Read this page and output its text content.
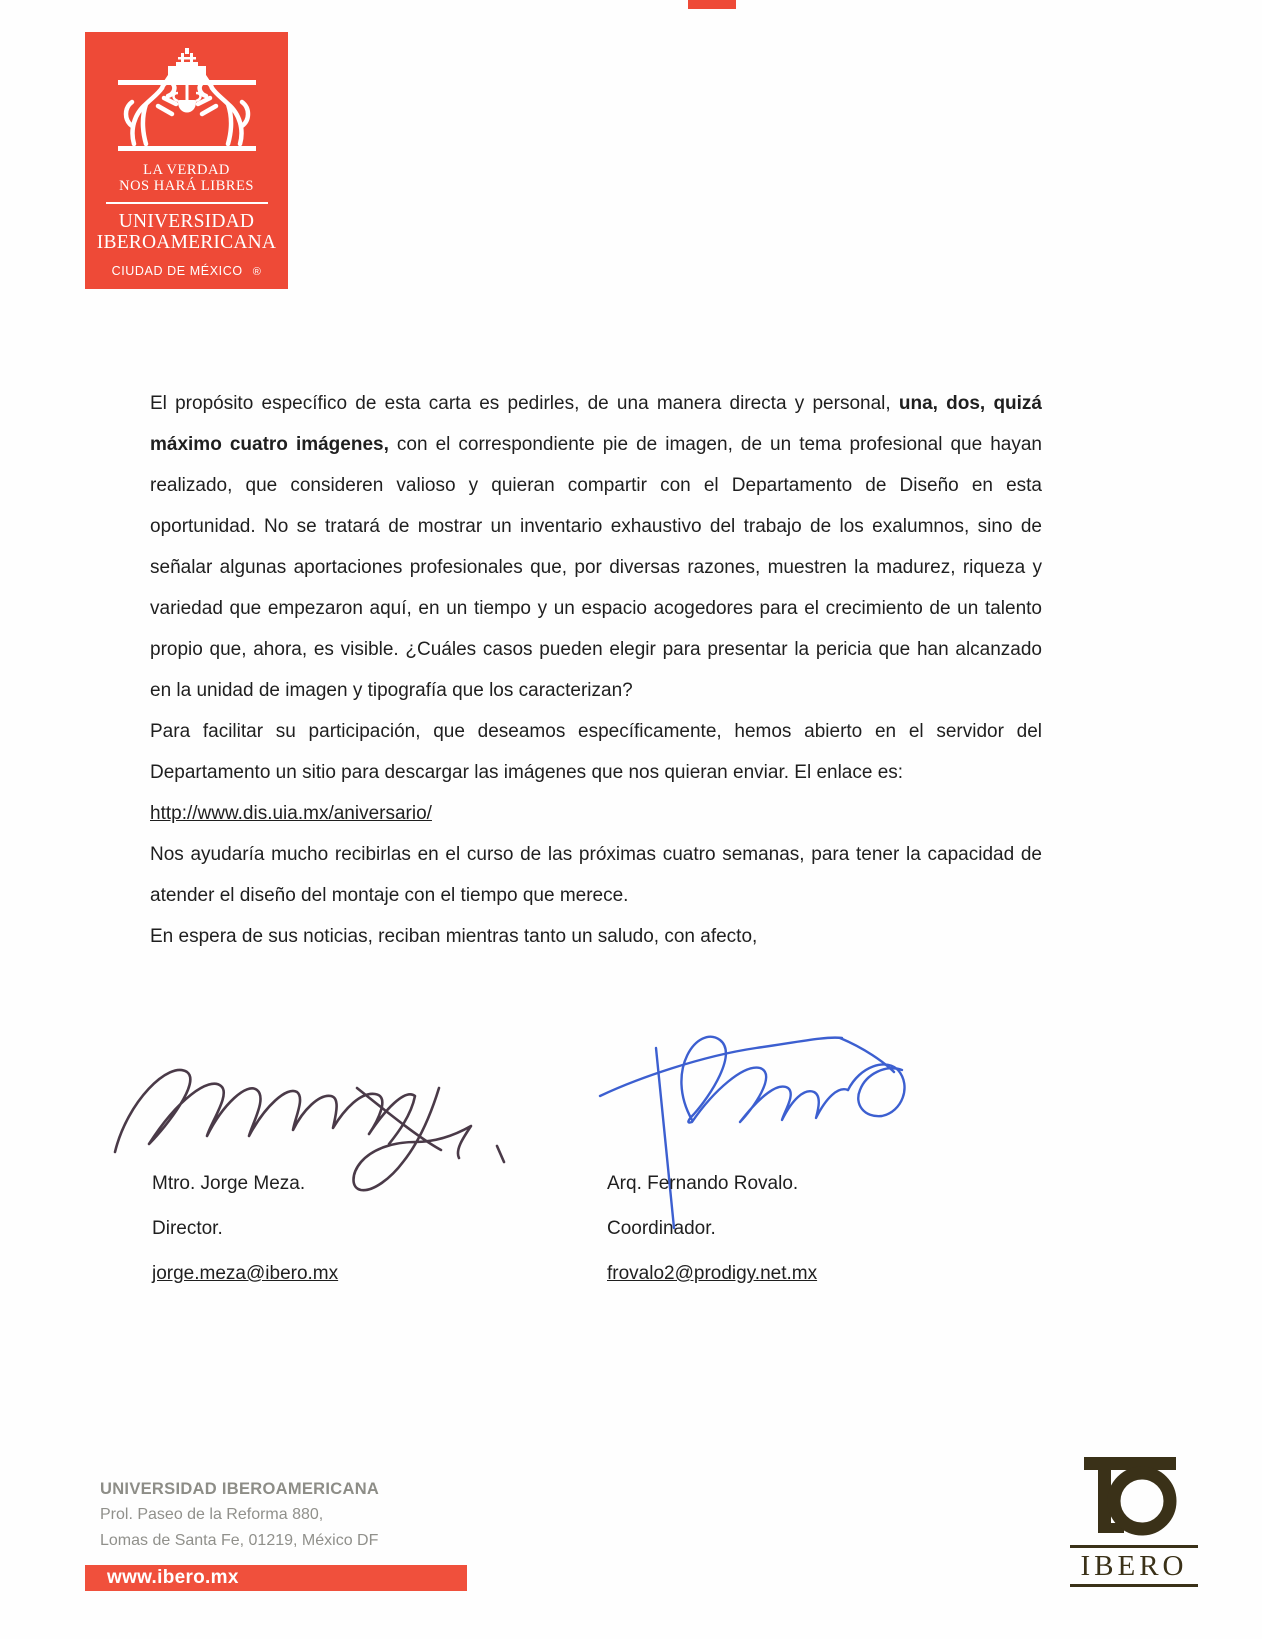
LA VERDAD
NOS HARÁ LIBRES
UNIVERSIDAD
IBEROAMERICANA
CIUDAD DE MÉXICO ®

El propósito específico de esta carta es pedirles, de una manera directa y personal, una, dos, quizá máximo cuatro imágenes, con el correspondiente pie de imagen, de un tema profesional que hayan realizado, que consideren valioso y quieran compartir con el Departamento de Diseño en esta oportunidad. No se tratará de mostrar un inventario exhaustivo del trabajo de los exalumnos, sino de señalar algunas aportaciones profesionales que, por diversas razones, muestren la madurez, riqueza y variedad que empezaron aquí, en un tiempo y un espacio acogedores para el crecimiento de un talento propio que, ahora, es visible. ¿Cuáles casos pueden elegir para presentar la pericia que han alcanzado en la unidad de imagen y tipografía que los caracterizan?

Para facilitar su participación, que deseamos específicamente, hemos abierto en el servidor del Departamento un sitio para descargar las imágenes que nos quieran enviar. El enlace es:

http://www.dis.uia.mx/aniversario/

Nos ayudaría mucho recibirlas en el curso de las próximas cuatro semanas, para tener la capacidad de atender el diseño del montaje con el tiempo que merece.

En espera de sus noticias, reciban mientras tanto un saludo, con afecto,

Mtro. Jorge Meza.
Director.
jorge.meza@ibero.mx
Arq. Fernando Rovalo.
Coordinador.
frovalo2@prodigy.net.mx
UNIVERSIDAD IBEROAMERICANA
Prol. Paseo de la Reforma 880,
Lomas de Santa Fe, 01219, México DF
www.ibero.mx	IBERO
